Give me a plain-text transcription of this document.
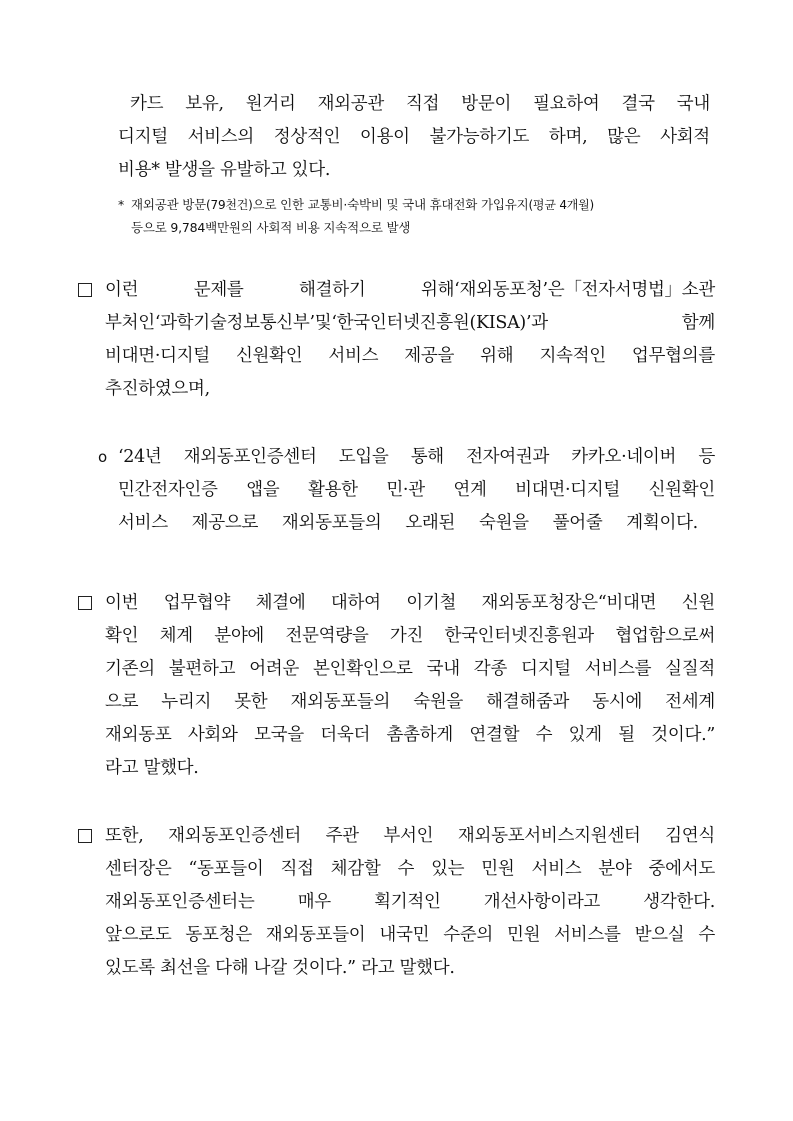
카드 보유, 원거리 재외공관 직접 방문이 필요하여 결국 국내
디지털 서비스의 정상적인 이용이 불가능하기도 하며, 많은 사회적
비용* 발생을 유발하고 있다.
* 재외공관 방문(79천건)으로 인한 교통비·숙박비 및 국내 휴대전화 가입유지(평균 4개월)
등으로 9,784백만원의 사회적 비용 지속적으로 발생
이런	문제를	해결하기	위해‘재외동포청’은「전자서명법」소관
부처인‘과학기술정보통신부’및‘한국인터넷진흥원(KISA)’과	함께
비대면·디지털 신원확인 서비스 제공을 위해 지속적인 업무협의를
추진하였으며,
ο ‘24년 재외동포인증센터 도입을 통해 전자여권과 카카오·네이버 등
민간전자인증 앱을 활용한 민·관 연계 비대면·디지털 신원확인
서비스 제공으로 재외동포들의 오래된 숙원을 풀어줄 계획이다.
이번 업무협약 체결에 대하여 이기철 재외동포청장은“비대면 신원
확인 체계 분야에 전문역량을 가진 한국인터넷진흥원과 협업함으로써
기존의 불편하고 어려운 본인확인으로 국내 각종 디지털 서비스를 실질적
으로 누리지 못한 재외동포들의 숙원을 해결해줌과 동시에 전세계
재외동포 사회와 모국을 더욱더 촘촘하게 연결할 수 있게 될 것이다.”
라고 말했다.
또한, 재외동포인증센터 주관 부서인 재외동포서비스지원센터 김연식
센터장은 “동포들이 직접 체감할 수 있는 민원 서비스 분야 중에서도
재외동포인증센터는 매우 획기적인 개선사항이라고 생각한다.
앞으로도 동포청은 재외동포들이 내국민 수준의 민원 서비스를 받으실 수
있도록 최선을 다해 나갈 것이다.” 라고 말했다.
